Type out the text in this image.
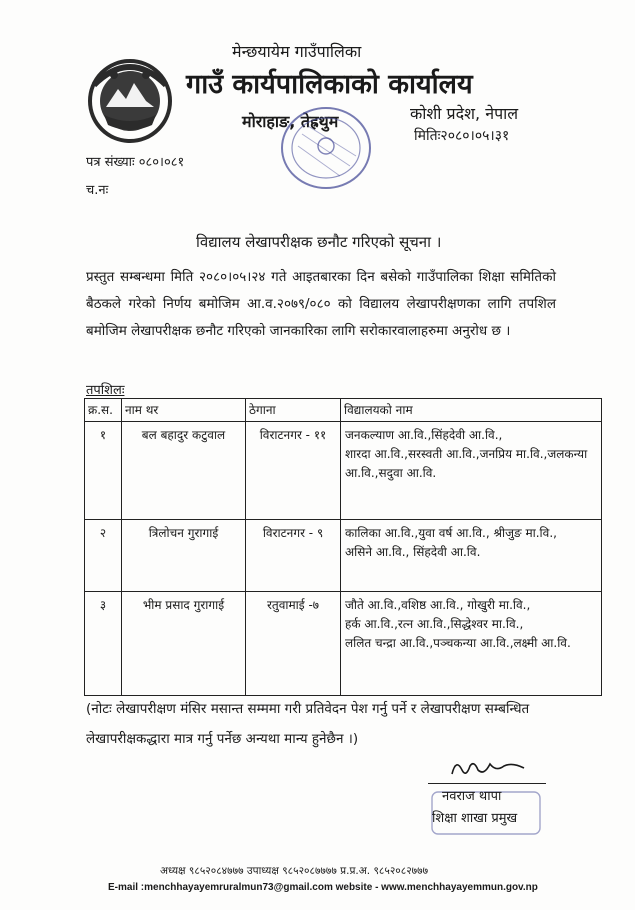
मेन्छयायेम गाउँपालिका
गाउँ कार्यपालिकाको कार्यालय
मोराहाङ, तेह्रथुम	कोशी प्रदेश, नेपाल
मितिः२०८०।०५।३१
पत्र संख्याः ०८०।०८१
च.नः
विद्यालय लेखापरीक्षक छनौट गरिएको सूचना ।
प्रस्तुत सम्बन्धमा मिति २०८०।०५।२४ गते आइतबारका दिन बसेको गाउँपालिका शिक्षा समितिको बैठकले गरेको निर्णय बमोजिम आ.व.२०७९/०८० को विद्यालय लेखापरीक्षणका लागि तपशिल बमोजिम लेखापरीक्षक छनौट गरिएको जानकारिका लागि सरोकारवालाहरुमा अनुरोध छ ।
तपशिलः
क्र.स.	नाम थर	ठेगाना	विद्यालयको नाम
१	बल बहादुर कटुवाल	विराटनगर - ११	जनकल्याण आ.वि.,सिंहदेवी आ.वि.,
शारदा आ.वि.,सरस्वती आ.वि.,जनप्रिय मा.वि.,जलकन्या
आ.वि.,सदुवा आ.वि.

२	त्रिलोचन गुरागाई	विराटनगर - ९	कालिका आ.वि.,युवा वर्ष आ.वि., श्रीजुङ मा.वि.,
असिने आ.वि., सिंहदेवी आ.वि.

३	भीम प्रसाद गुरागाई	रतुवामाई -७	जौते आ.वि.,वशिष्ठ आ.वि., गोखुरी मा.वि.,
हर्क आ.वि.,रत्न आ.वि.,सिद्धेश्वर मा.वि.,
ललित चन्द्रा आ.वि.,पञ्चकन्या आ.वि.,लक्ष्मी आ.वि.
(नोटः लेखापरीक्षण मंसिर मसान्त सम्ममा गरी प्रतिवेदन पेश गर्नु पर्ने र लेखापरीक्षण सम्बन्धित लेखापरीक्षकद्धारा मात्र गर्नु पर्नेछ अन्यथा मान्य हुनेछैन ।)
नवराज थापा
शिक्षा शाखा प्रमुख
अध्यक्ष ९८५२०८४७७७ उपाध्यक्ष ९८५२०८७७७७ प्र.प्र.अ. ९८५२०८२७७७
E-mail :menchhayayemruralmun73@gmail.com website - www.menchhayayemmun.gov.np
